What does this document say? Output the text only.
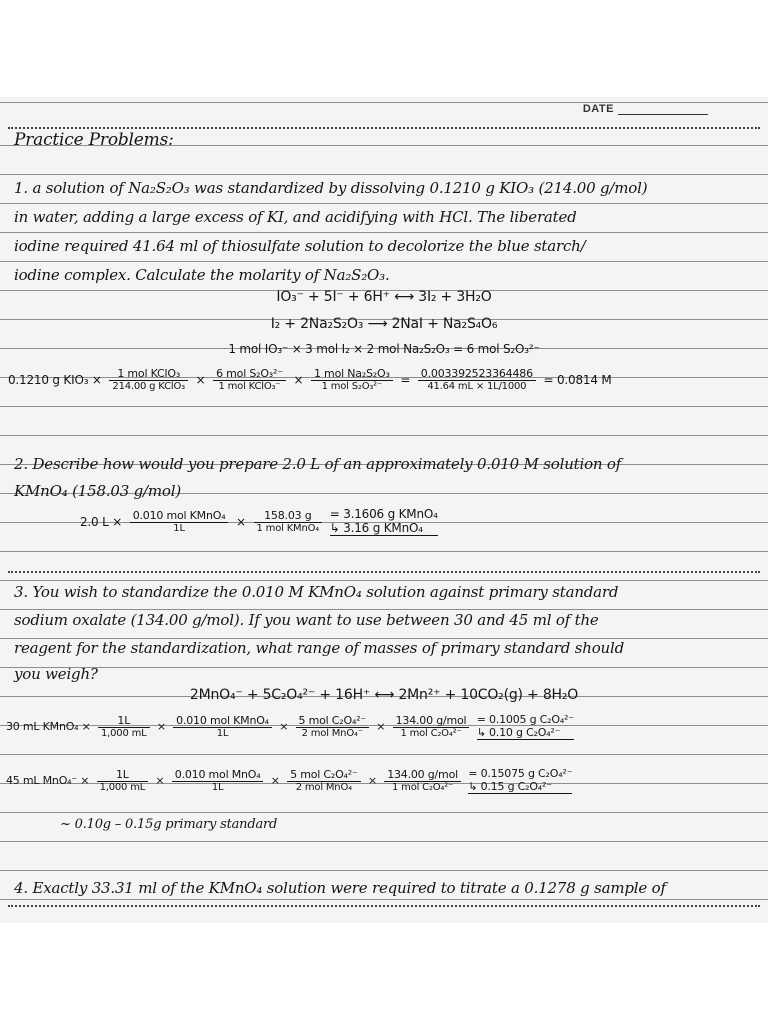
DATE
Practice Problems:
1. a solution of Na₂S₂O₃ was standardized by dissolving 0.1210 g KIO₃ (214.00 g/mol)
in water, adding a large excess of KI, and acidifying with HCl. The liberated
iodine required 41.64 ml of thiosulfate solution to decolorize the blue starch/
iodine complex. Calculate the molarity of Na₂S₂O₃.
IO₃⁻ + 5I⁻ + 6H⁺ ⟷ 3I₂ + 3H₂O
I₂ + 2Na₂S₂O₃ ⟶ 2NaI + Na₂S₄O₆
1 mol IO₃⁻ × 3 mol I₂ × 2 mol Na₂S₂O₃ = 6 mol S₂O₃²⁻
0.1210 g $KIO_3 \times \frac{\text{1 mol KClO₃}}{\text{214.00 g KClO₃}} \times \frac{\text{6 mol S₂O₃²⁻}}{\text{1 mol KClO₃⁻}} \times \frac{\text{1 mol Na₂S₂O₃}}{\text{1 mol S₂O₃²⁻}} = \frac{0.003392523364486}{41.64 mL \times 1L/1000} = 0.0814$ M
2. Describe how would you prepare 2.0 L of an approximately 0.010 M solution of
KMnO₄ (158.03 g/mol)
2.0 $L \times \frac{\text{0.010 mol KMnO₄}}{1L} \times \frac{158.03 g}{\text{1 mol KMnO₄}}$
= 3.1606 g KMnO₄
↳ 3.16 g KMnO₄
3. You wish to standardize the 0.010 M KMnO₄ solution against primary standard
sodium oxalate (134.00 g/mol). If you want to use between 30 and 45 ml of the
reagent for the standardization, what range of masses of primary standard should
you weigh?
2MnO₄⁻ + 5C₂O₄²⁻ + 16H⁺ ⟷ 2Mn²⁺ + 10CO₂(g) + 8H₂O
30 mL KMnO₄ × $\frac{1L}{1,000 mL} \times \frac{\text{0.010 mol KMnO₄}}{1L} \times \frac{\text{5 mol C₂O₄²⁻}}{\text{2 mol MnO₄⁻}} \times \frac{\text{134.00 g/mol}}{\text{1 mol C₂O₄²⁻}}$
= 0.1005 g C₂O₄²⁻
↳ 0.10 g C₂O₄²⁻
45 mL $MnO_4^- \times \frac{1L}{1,000 mL} \times \frac{\text{0.010 mol MnO₄}}{1L} \times \frac{\text{5 mol C₂O₄²⁻}}{\text{2 mol MnO₄}} \times \frac{\text{134.00 g/mol}}{\text{1 mol C₂O₄²⁻}}$
= 0.15075 g C₂O₄²⁻
↳ 0.15 g C₂O₄²⁻
~ 0.10g – 0.15g primary standard
4. Exactly 33.31 ml of the KMnO₄ solution were required to titrate a 0.1278 g sample of
